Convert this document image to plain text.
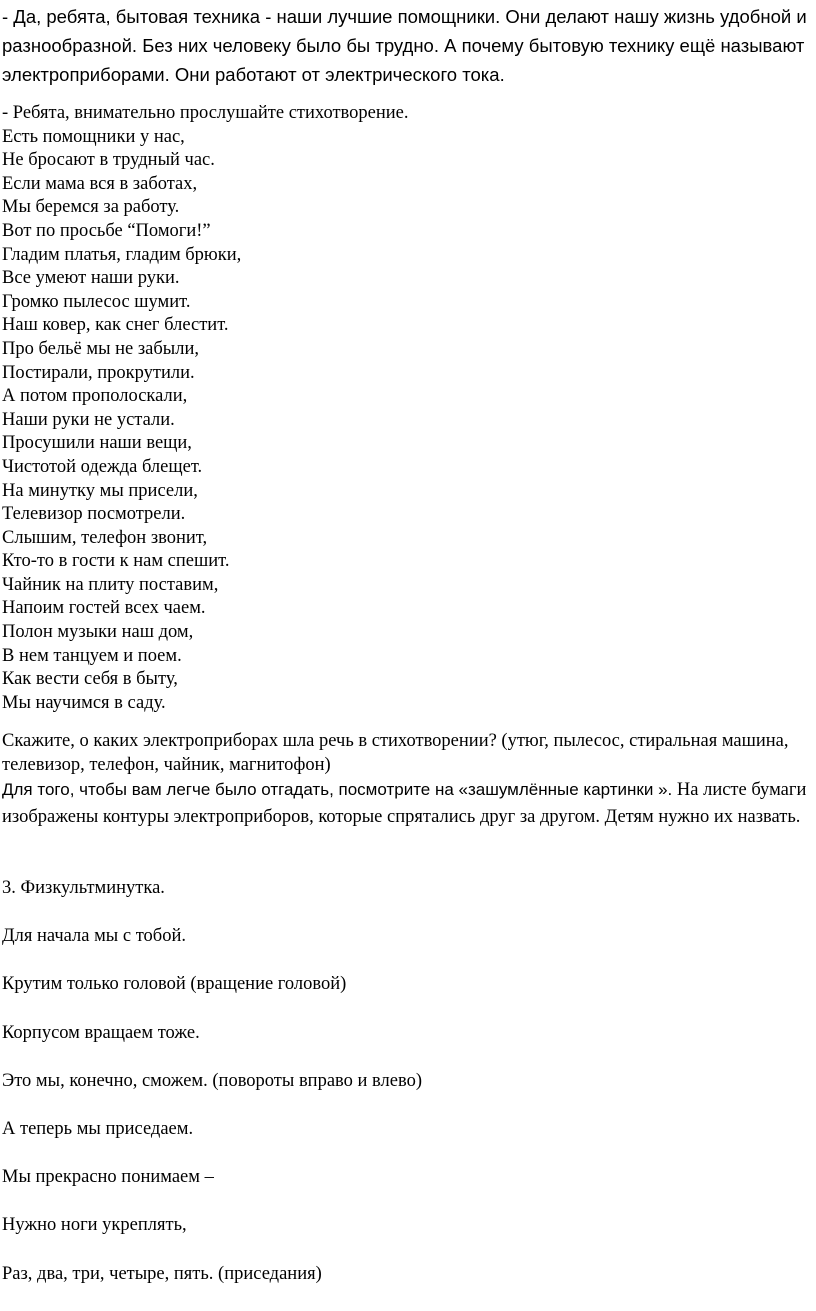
- Да, ребята, бытовая техника - наши лучшие помощники. Они делают нашу жизнь удобной и разнообразной. Без них человеку было бы трудно. А почему бытовую технику ещё называют электроприборами. Они работают от электрического тока.

- Ребята, внимательно прослушайте стихотворение.
Есть помощники у нас,
Не бросают в трудный час.
Если мама вся в заботах,
Мы беремся за работу.
Вот по просьбе “Помоги!”
Гладим платья, гладим брюки,
Все умеют наши руки.
Громко пылесос шумит.
Наш ковер, как снег блестит.
Про бельё мы не забыли,
Постирали, прокрутили.
А потом прополоскали,
Наши руки не устали.
Просушили наши вещи,
Чистотой одежда блещет.
На минутку мы присели,
Телевизор посмотрели.
Слышим, телефон звонит,
Кто-то в гости к нам спешит.
Чайник на плиту поставим,
Напоим гостей всех чаем.
Полон музыки наш дом,
В нем танцуем и поем.
Как вести себя в быту,
Мы научимся в саду.

Скажите, о каких электроприборах шла речь в стихотворении? (утюг, пылесос, стиральная машина, телевизор, телефон, чайник, магнитофон)

Для того, чтобы вам легче было отгадать, посмотрите на «зашумлённые картинки ». На листе бумаги изображены контуры электроприборов, которые спрятались друг за другом. Детям нужно их назвать.

3. Физкультминутка.
Для начала мы с тобой.
Крутим только головой (вращение головой)
Корпусом вращаем тоже.
Это мы, конечно, сможем. (повороты вправо и влево)
А теперь мы приседаем.
Мы прекрасно понимаем –
Нужно ноги укреплять,
Раз, два, три, четыре, пять. (приседания)
